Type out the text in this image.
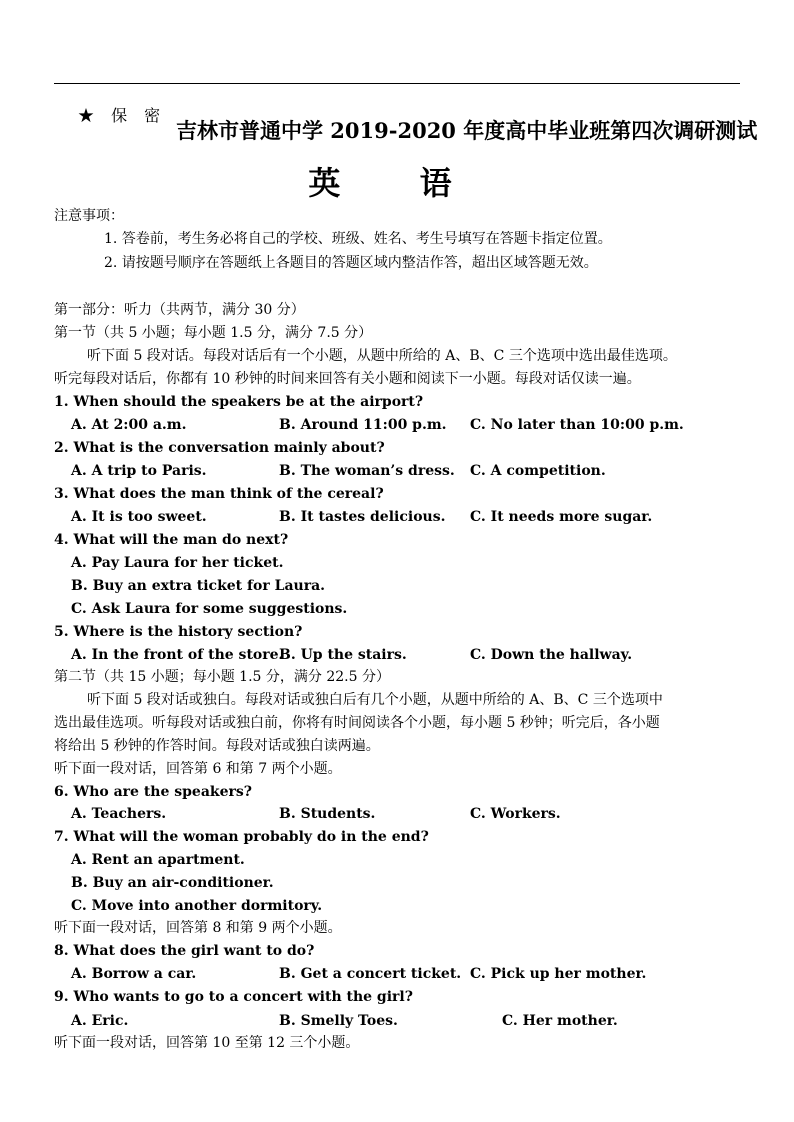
★ 保 密
吉林市普通中学 2019-2020 年度高中毕业班第四次调研测试
英 语
注意事项：
1. 答卷前，考生务必将自己的学校、班级、姓名、考生号填写在答题卡指定位置。
2. 请按题号顺序在答题纸上各题目的答题区域内整洁作答，超出区域答题无效。
第一部分：听力（共两节，满分 30 分）
第一节（共 5 小题；每小题 1.5 分，满分 7.5 分）
听下面 5 段对话。每段对话后有一个小题，从题中所给的 A、B、C 三个选项中选出最佳选项。
听完每段对话后，你都有 10 秒钟的时间来回答有关小题和阅读下一小题。每段对话仅读一遍。
1. When should the speakers be at the airport?
A. At 2:00 a.m.	B. Around 11:00 p.m. C. No later than 10:00 p.m.
2. What is the conversation mainly about?
A. A trip to Paris.	B. The woman’s dress. C. A competition.
3. What does the man think of the cereal?
A. It is too sweet.	B. It tastes delicious. C. It needs more sugar.
4. What will the man do next?
A. Pay Laura for her ticket.
B. Buy an extra ticket for Laura.
C. Ask Laura for some suggestions.
5. Where is the history section?
A. In the front of the store.
B. Up the stairs.	C. Down the hallway.
第二节（共 15 小题；每小题 1.5 分，满分 22.5 分）
听下面 5 段对话或独白。每段对话或独白后有几个小题，从题中所给的 A、B、C 三个选项中
选出最佳选项。听每段对话或独白前，你将有时间阅读各个小题，每小题 5 秒钟；听完后，各小题
将给出 5 秒钟的作答时间。每段对话或独白读两遍。
听下面一段对话，回答第 6 和第 7 两个小题。
6. Who are the speakers?
A. Teachers.	B. Students.	C. Workers.
7. What will the woman probably do in the end?
A. Rent an apartment.
B. Buy an air-conditioner.
C. Move into another dormitory.
听下面一段对话，回答第 8 和第 9 两个小题。
8. What does the girl want to do?
A. Borrow a car.	B. Get a concert ticket. C. Pick up her mother.
9. Who wants to go to a concert with the girl?
A. Eric.	B. Smelly Toes.	C. Her mother.
听下面一段对话，回答第 10 至第 12 三个小题。
